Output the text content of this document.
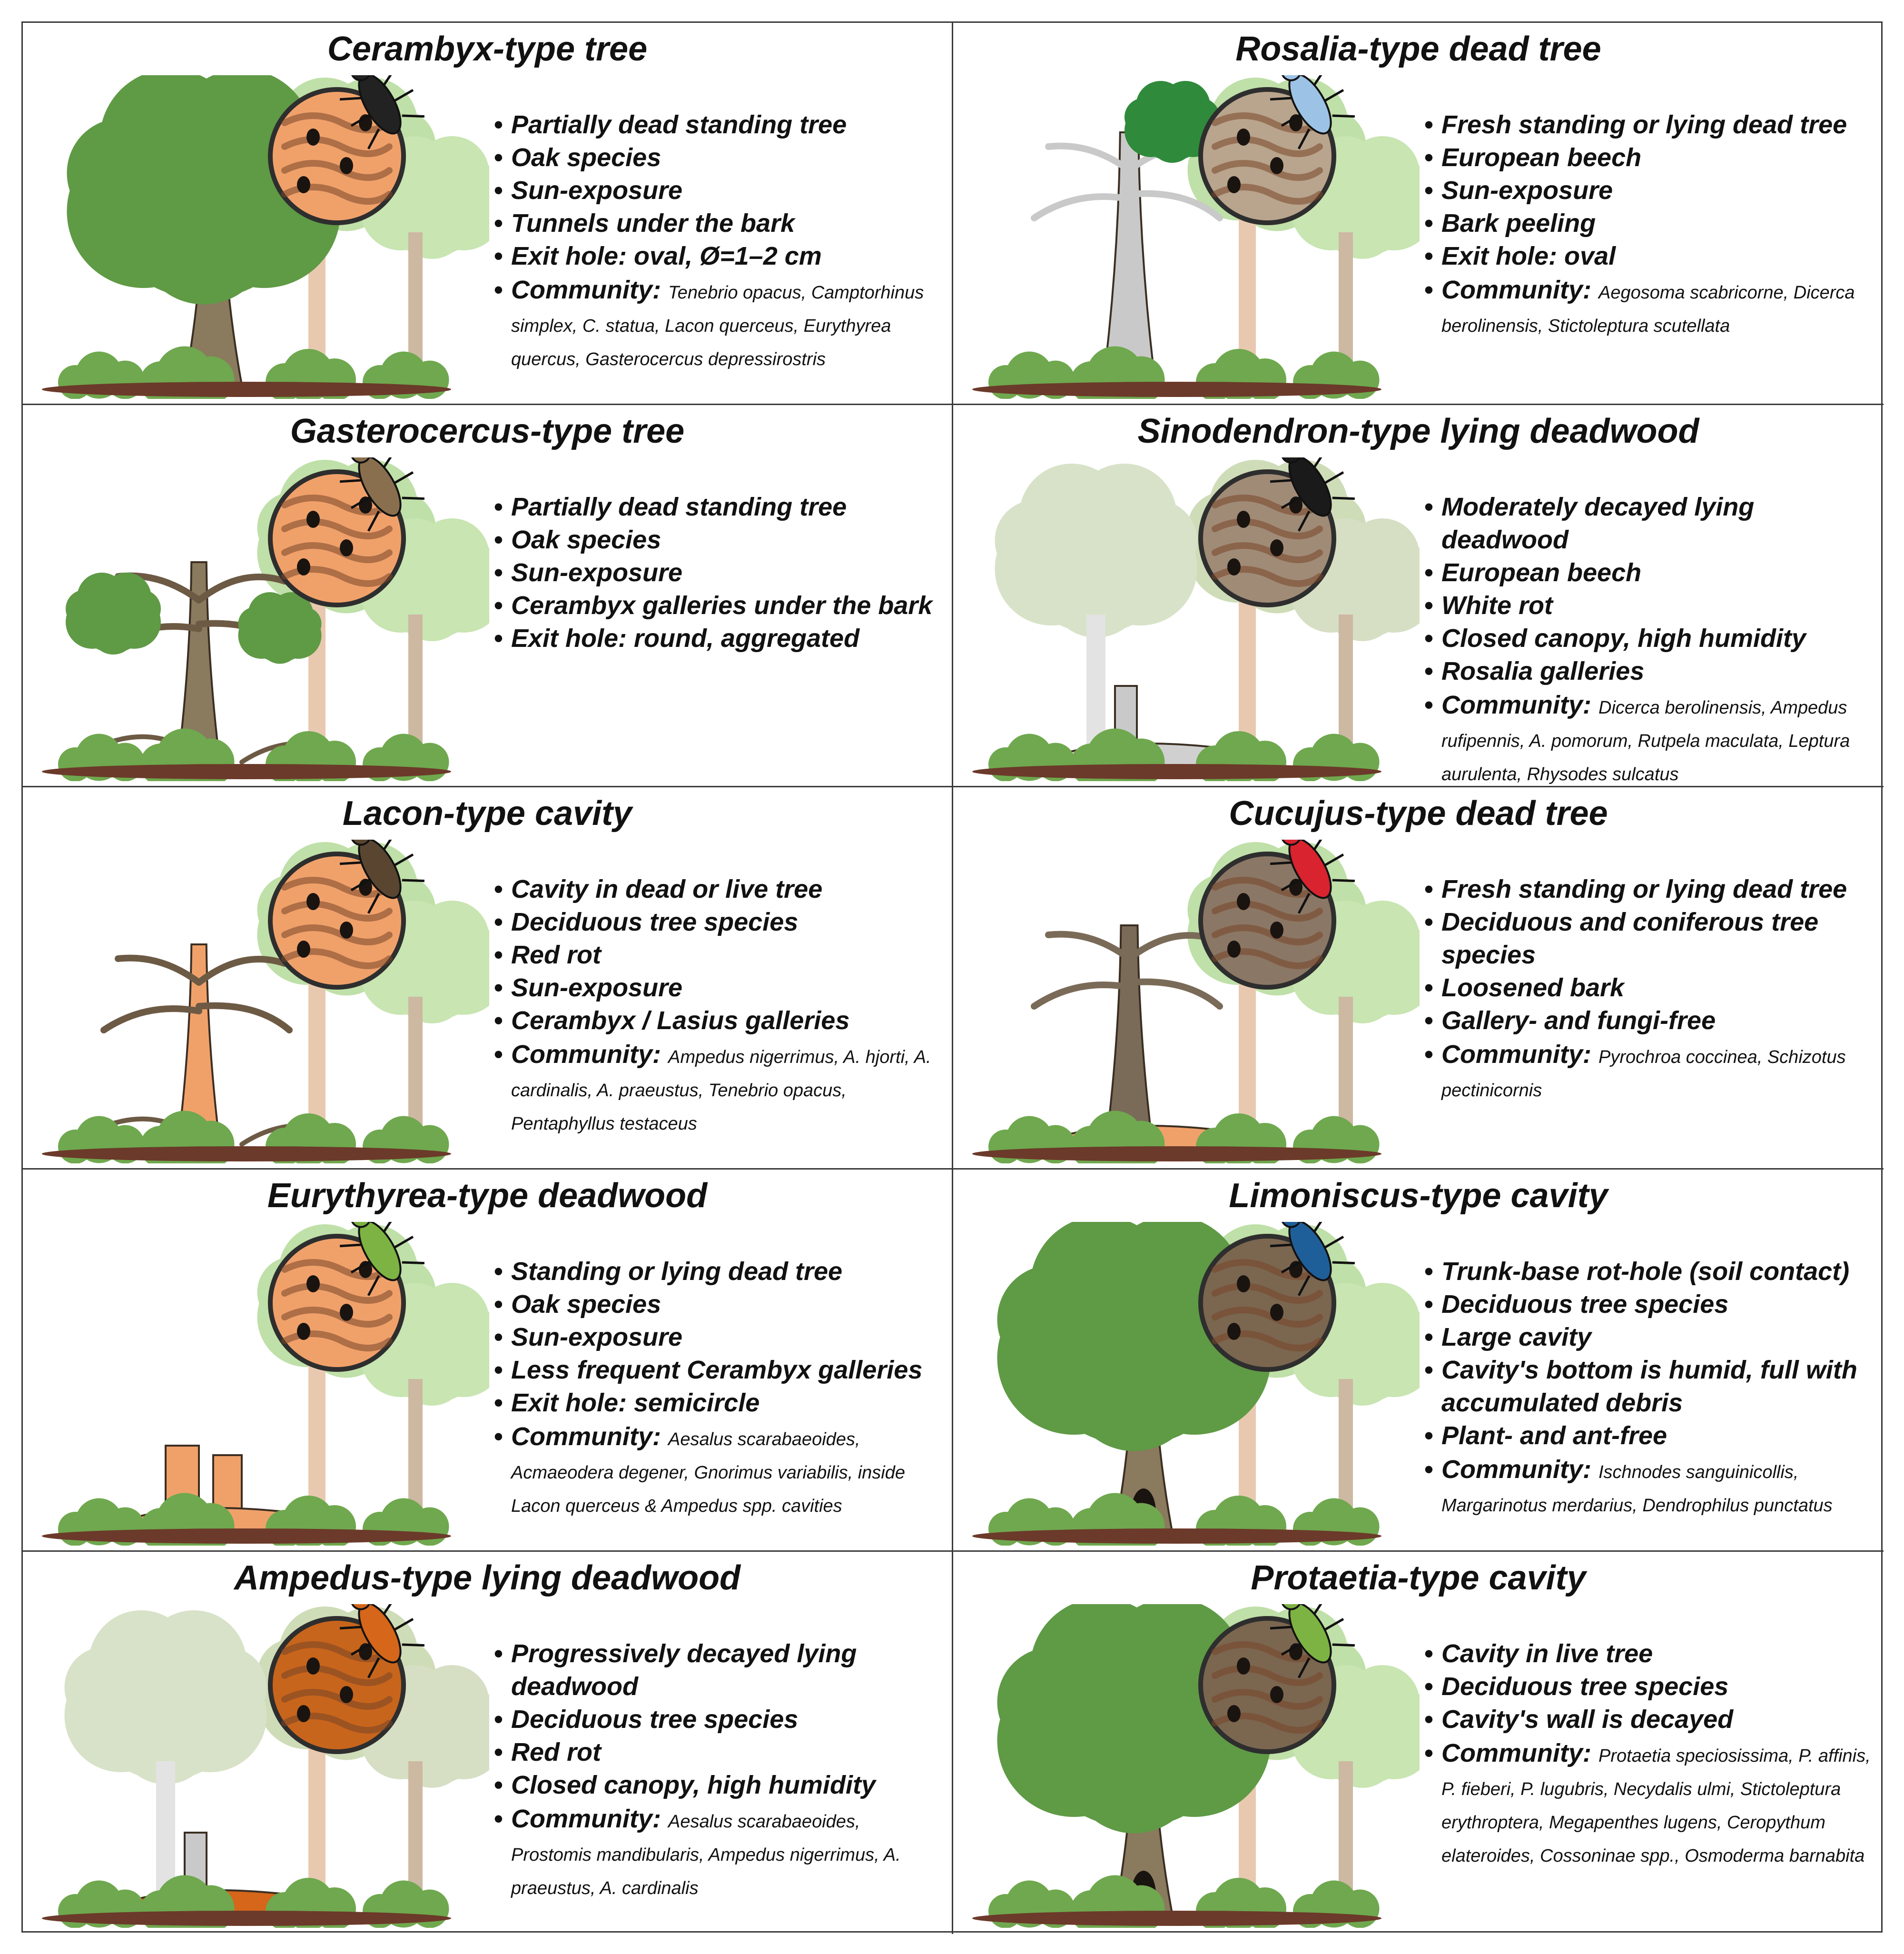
Cerambyx-type tree
• Partially dead standing tree
• Oak species
• Sun-exposure
• Tunnels under the bark
• Exit hole: oval, Ø=1–2 cm
• Community: Tenebrio opacus, Camptorhinus simplex, C. statua, Lacon querceus, Eurythyrea quercus, Gasterocercus depressirostris
Rosalia-type dead tree
• Fresh standing or lying dead tree
• European beech
• Sun-exposure
• Bark peeling
• Exit hole: oval
• Community: Aegosoma scabricorne, Dicerca berolinensis, Stictoleptura scutellata
Gasterocercus-type tree
• Partially dead standing tree
• Oak species
• Sun-exposure
• Cerambyx galleries under the bark
• Exit hole: round, aggregated
Sinodendron-type lying deadwood
• Moderately decayed lying deadwood
• European beech
• White rot
• Closed canopy, high humidity
• Rosalia galleries
• Community: Dicerca berolinensis, Ampedus rufipennis, A. pomorum, Rutpela maculata, Leptura aurulenta, Rhysodes sulcatus
Lacon-type cavity
• Cavity in dead or live tree
• Deciduous tree species
• Red rot
• Sun-exposure
• Cerambyx / Lasius galleries
• Community: Ampedus nigerrimus, A. hjorti, A. cardinalis, A. praeustus, Tenebrio opacus, Pentaphyllus testaceus
Cucujus-type dead tree
• Fresh standing or lying dead tree
• Deciduous and coniferous tree species
• Loosened bark
• Gallery- and fungi-free
• Community: Pyrochroa coccinea, Schizotus pectinicornis
Eurythyrea-type deadwood
• Standing or lying dead tree
• Oak species
• Sun-exposure
• Less frequent Cerambyx galleries
• Exit hole: semicircle
• Community: Aesalus scarabaeoides, Acmaeodera degener, Gnorimus variabilis, inside Lacon querceus & Ampedus spp. cavities
Limoniscus-type cavity
• Trunk-base rot-hole (soil contact)
• Deciduous tree species
• Large cavity
• Cavity's bottom is humid, full with accumulated debris
• Plant- and ant-free
• Community: Ischnodes sanguinicollis, Margarinotus merdarius, Dendrophilus punctatus
Ampedus-type lying deadwood
• Progressively decayed lying deadwood
• Deciduous tree species
• Red rot
• Closed canopy, high humidity
• Community: Aesalus scarabaeoides, Prostomis mandibularis, Ampedus nigerrimus, A. praeustus, A. cardinalis
Protaetia-type cavity
• Cavity in live tree
• Deciduous tree species
• Cavity's wall is decayed
• Community: Protaetia speciosissima, P. affinis, P. fieberi, P. lugubris, Necydalis ulmi, Stictoleptura erythroptera, Megapenthes lugens, Ceropythum elateroides, Cossoninae spp., Osmoderma barnabita
